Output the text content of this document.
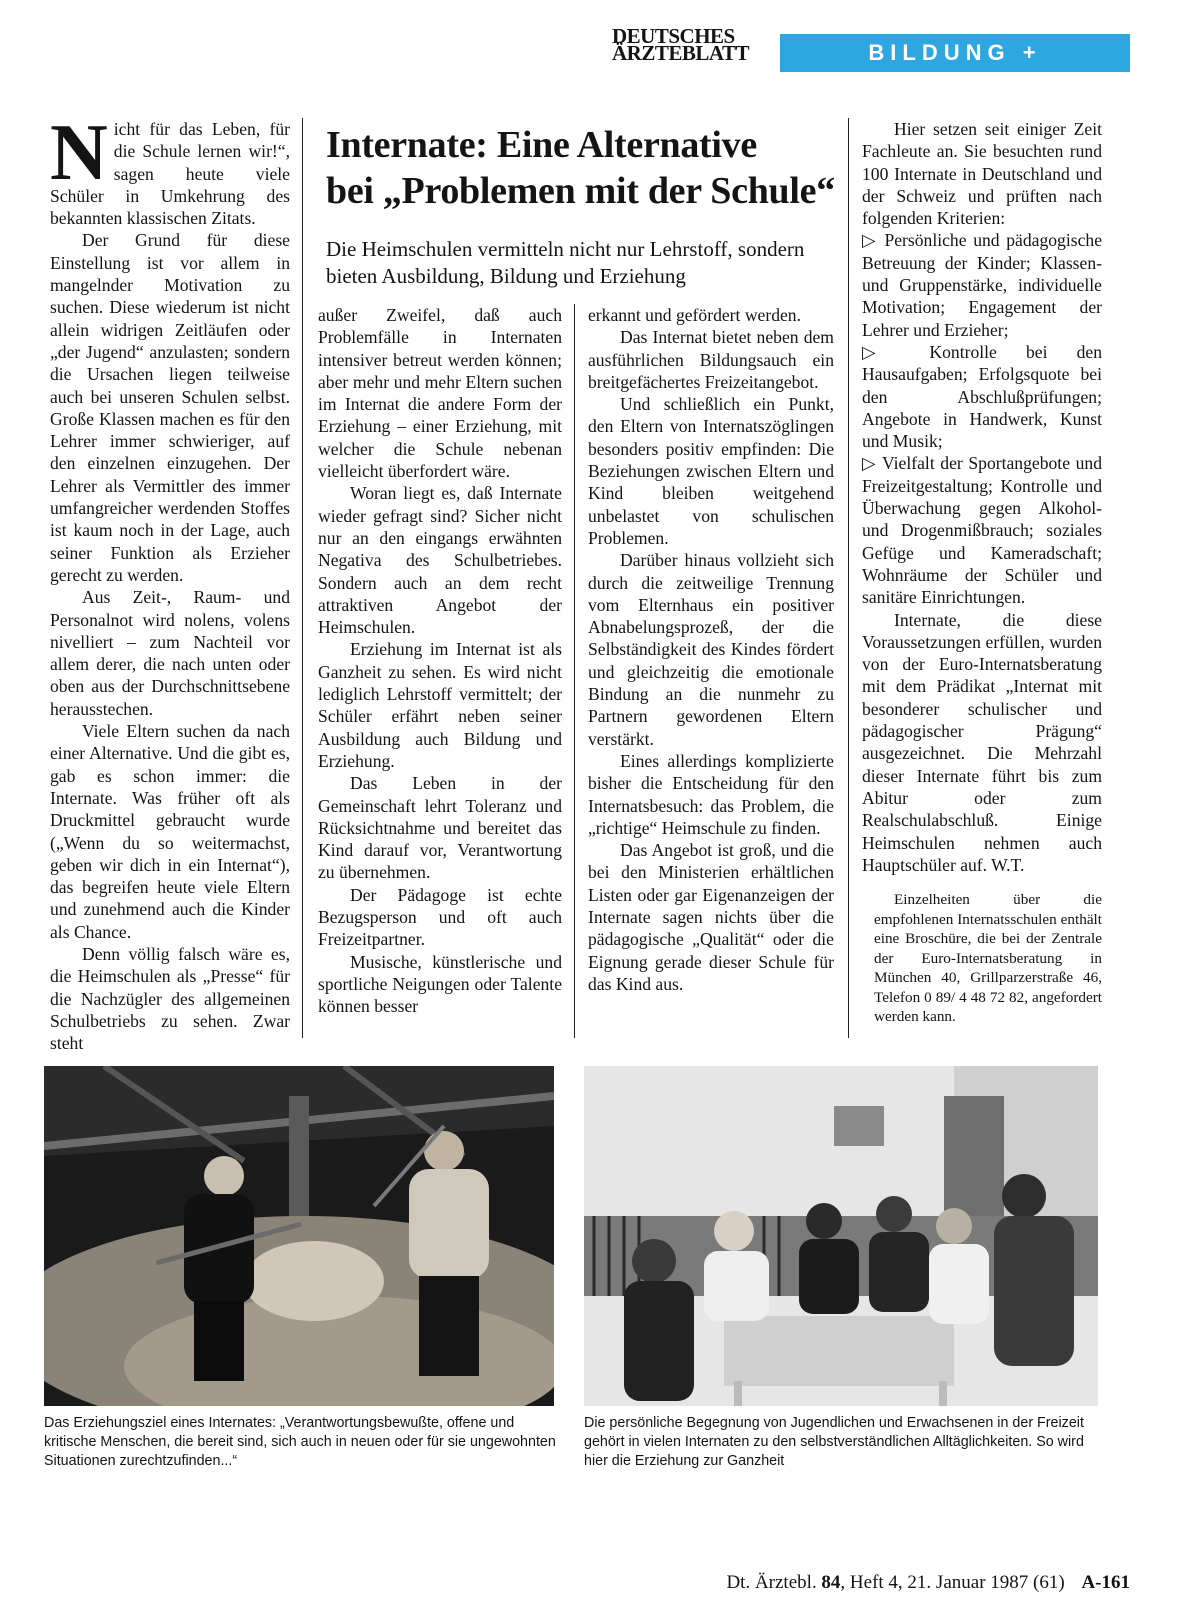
DEUTSCHES
ÄRZTEBLATT	BILDUNG + ERZIEHUNG

Nicht für das Leben, für die Schule lernen wir!“, sagen heute viele Schüler in Umkehrung des bekannten klassischen Zitats.

Der Grund für diese Einstellung ist vor allem in mangelnder Motivation zu suchen. Diese wiederum ist nicht allein widrigen Zeitläufen oder „der Jugend“ anzulasten; sondern die Ursachen liegen teilweise auch bei unseren Schulen selbst. Große Klassen machen es für den Lehrer immer schwieriger, auf den einzelnen einzugehen. Der Lehrer als Vermittler des immer umfangreicher werdenden Stoffes ist kaum noch in der Lage, auch seiner Funktion als Erzieher gerecht zu werden.

Aus Zeit-, Raum- und Personalnot wird nolens, volens nivelliert – zum Nachteil vor allem derer, die nach unten oder oben aus der Durchschnittsebene herausstechen.

Viele Eltern suchen da nach einer Alternative. Und die gibt es, gab es schon immer: die Internate. Was früher oft als Druckmittel gebraucht wurde („Wenn du so weitermachst, geben wir dich in ein Internat“), das begreifen heute viele Eltern und zunehmend auch die Kinder als Chance.

Denn völlig falsch wäre es, die Heimschulen als „Presse“ für die Nachzügler des allgemeinen Schulbetriebs zu sehen. Zwar steht

Internate: Eine Alternative
bei „Problemen mit der Schule“
Die Heimschulen vermitteln nicht nur Lehrstoff, sondern bieten Ausbildung, Bildung und Erziehung

außer Zweifel, daß auch Problemfälle in Internaten intensiver betreut werden können; aber mehr und mehr Eltern suchen im Internat die andere Form der Erziehung – einer Erziehung, mit welcher die Schule nebenan vielleicht überfordert wäre.

Woran liegt es, daß Internate wieder gefragt sind? Sicher nicht nur an den eingangs erwähnten Negativa des Schulbetriebes. Sondern auch an dem recht attraktiven Angebot der Heimschulen.

Erziehung im Internat ist als Ganzheit zu sehen. Es wird nicht lediglich Lehrstoff vermittelt; der Schüler erfährt neben seiner Ausbildung auch Bildung und Erziehung.

Das Leben in der Gemeinschaft lehrt Toleranz und Rücksichtnahme und bereitet das Kind darauf vor, Verantwortung zu übernehmen.

Der Pädagoge ist echte Bezugsperson und oft auch Freizeitpartner.

Musische, künstlerische und sportliche Neigungen oder Talente können besser

erkannt und gefördert werden.

Das Internat bietet neben dem ausführlichen Bildungsauch ein breitgefächertes Freizeitangebot.

Und schließlich ein Punkt, den Eltern von Internatszöglingen besonders positiv empfinden: Die Beziehungen zwischen Eltern und Kind bleiben weitgehend unbelastet von schulischen Problemen.

Darüber hinaus vollzieht sich durch die zeitweilige Trennung vom Elternhaus ein positiver Abnabelungsprozeß, der die Selbständigkeit des Kindes fördert und gleichzeitig die emotionale Bindung an die nunmehr zu Partnern gewordenen Eltern verstärkt.

Eines allerdings komplizierte bisher die Entscheidung für den Internatsbesuch: das Problem, die „richtige“ Heimschule zu finden.

Das Angebot ist groß, und die bei den Ministerien erhältlichen Listen oder gar Eigenanzeigen der Internate sagen nichts über die pädagogische „Qualität“ oder die Eignung gerade dieser Schule für das Kind aus.

Hier setzen seit einiger Zeit Fachleute an. Sie besuchten rund 100 Internate in Deutschland und der Schweiz und prüften nach folgenden Kriterien:

▷ Persönliche und pädagogische Betreuung der Kinder; Klassen- und Gruppenstärke, individuelle Motivation; Engagement der Lehrer und Erzieher;

▷ Kontrolle bei den Hausaufgaben; Erfolgsquote bei den Abschlußprüfungen; Angebote in Handwerk, Kunst und Musik;

▷ Vielfalt der Sportangebote und Freizeitgestaltung; Kontrolle und Überwachung gegen Alkohol- und Drogenmißbrauch; soziales Gefüge und Kameradschaft; Wohnräume der Schüler und sanitäre Einrichtungen.

Internate, die diese Voraussetzungen erfüllen, wurden von der Euro-Internatsberatung mit dem Prädikat „Internat mit besonderer schulischer und pädagogischer Prägung“ ausgezeichnet. Die Mehrzahl dieser Internate führt bis zum Abitur oder zum Realschulabschluß. Einige Heimschulen nehmen auch Hauptschüler auf. W.T.

Einzelheiten über die empfohlenen Internatsschulen enthält eine Broschüre, die bei der Zentrale der Euro-Internatsberatung in München 40, Grillparzerstraße 46, Telefon 0 89/ 4 48 72 82, angefordert werden kann.

Das Erziehungsziel eines Internates: „Verantwortungsbewußte, offene und kritische Menschen, die bereit sind, sich auch in neuen oder für sie ungewohnten Situationen zurechtzufinden...“
Die persönliche Begegnung von Jugendlichen und Erwachsenen in der Freizeit gehört in vielen Internaten zu den selbstverständlichen Alltäglichkeiten. So wird hier die Erziehung zur Ganzheit
Dt. Ärztebl. 84, Heft 4, 21. Januar 1987 (61) A-161
